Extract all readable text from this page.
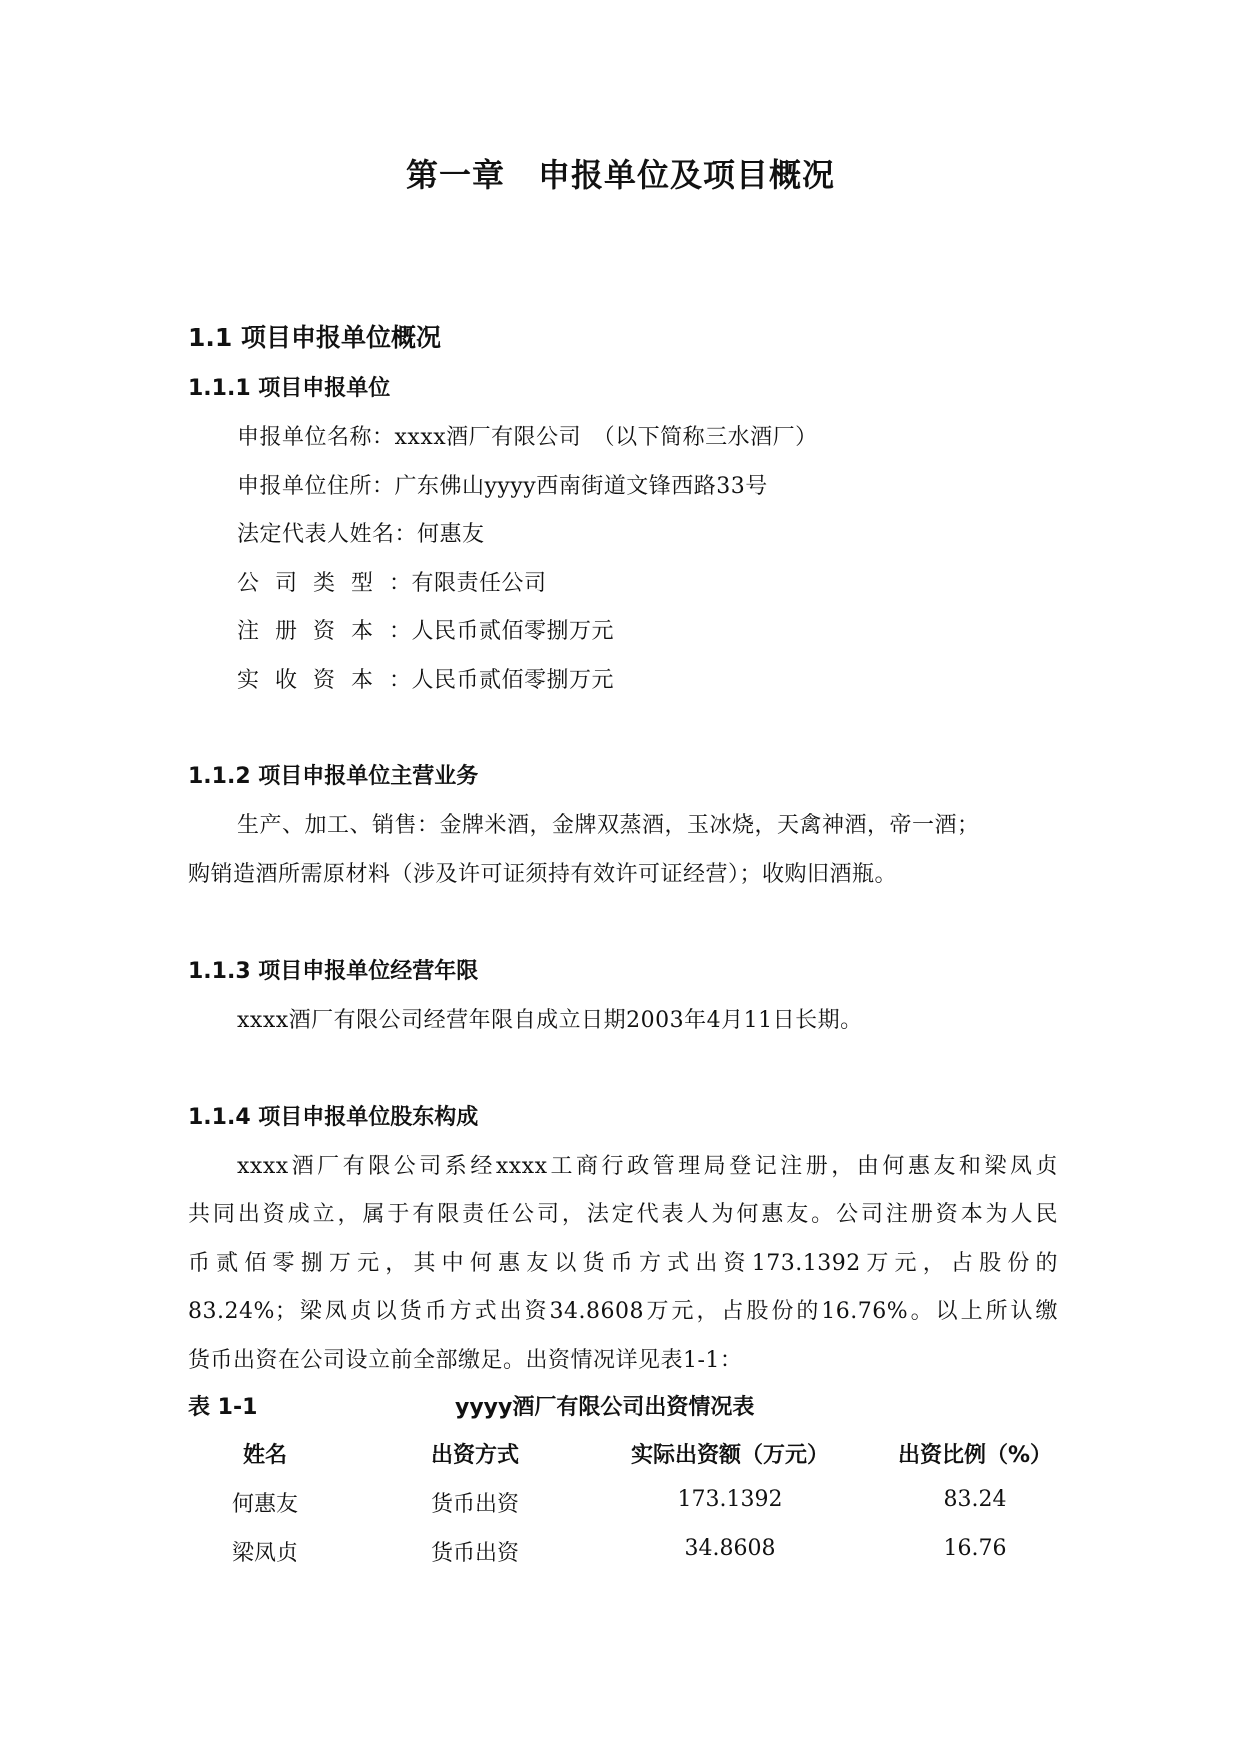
第一章　申报单位及项目概况
1.1 项目申报单位概况
1.1.1 项目申报单位
申报单位名称：xxxx酒厂有限公司　（以下简称三水酒厂）
申报单位住所：广东佛山yyyy西南街道文锋西路33号
法定代表人姓名：何惠友
公 司 类 型 ：有限责任公司
注 册 资 本 ：人民币贰佰零捌万元
实 收 资 本 ：人民币贰佰零捌万元
1.1.2 项目申报单位主营业务
生产、加工、销售：金牌米酒，金牌双蒸酒，玉冰烧，天禽神酒，帝一酒；
购销造酒所需原材料（涉及许可证须持有效许可证经营）；收购旧酒瓶。
1.1.3 项目申报单位经营年限
xxxx酒厂有限公司经营年限自成立日期2003年4月11日长期。
1.1.4 项目申报单位股东构成
xxxx酒厂有限公司系经xxxx工商行政管理局登记注册，由何惠友和梁凤贞
共同出资成立，属于有限责任公司，法定代表人为何惠友。公司注册资本为人民
币贰佰零捌万元，其中何惠友以货币方式出资173.1392万元，占股份的
83.24%；梁凤贞以货币方式出资34.8608万元，占股份的16.76%。以上所认缴
货币出资在公司设立前全部缴足。出资情况详见表1-1：
表 1-1	yyyy酒厂有限公司出资情况表
姓名	出资方式	实际出资额（万元）	出资比例（%）
何惠友	货币出资	173.1392	83.24
梁凤贞	货币出资	34.8608	16.76
